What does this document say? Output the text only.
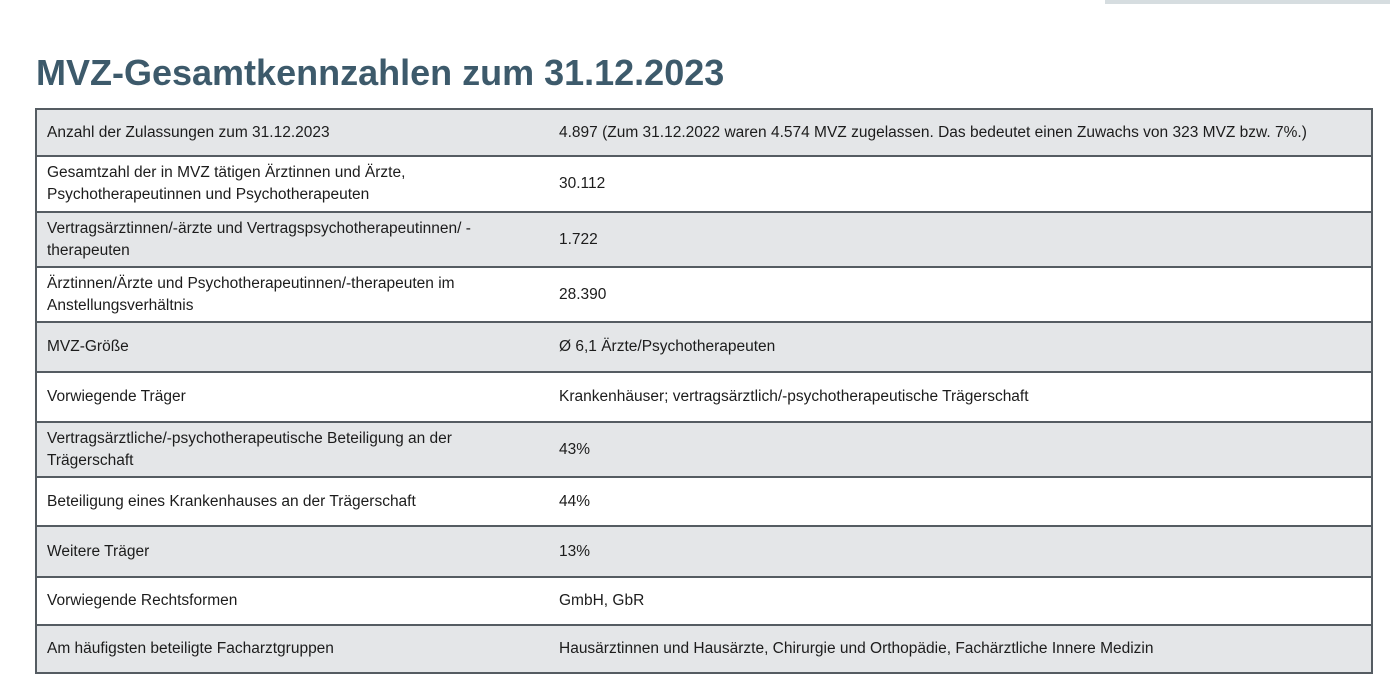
MVZ-Gesamtkennzahlen zum 31.12.2023
Anzahl der Zulassungen zum 31.12.2023	4.897 (Zum 31.12.2022 waren 4.574 MVZ zugelassen. Das bedeutet einen Zuwachs von 323 MVZ bzw. 7%.)
Gesamtzahl der in MVZ tätigen Ärztinnen und Ärzte, Psychotherapeutinnen und Psychotherapeuten	30.112
Vertragsärztinnen/-ärzte und Vertragspsychotherapeutinnen/ -therapeuten	1.722
Ärztinnen/Ärzte und Psychotherapeutinnen/-therapeuten im Anstellungsverhältnis	28.390
MVZ-Größe	Ø 6,1 Ärzte/Psychotherapeuten
Vorwiegende Träger	Krankenhäuser; vertragsärztlich/-psychotherapeutische Trägerschaft
Vertragsärztliche/-psychotherapeutische Beteiligung an der Trägerschaft	43%
Beteiligung eines Krankenhauses an der Trägerschaft	44%
Weitere Träger	13%
Vorwiegende Rechtsformen	GmbH, GbR
Am häufigsten beteiligte Facharztgruppen	Hausärztinnen und Hausärzte, Chirurgie und Orthopädie, Fachärztliche Innere Medizin
